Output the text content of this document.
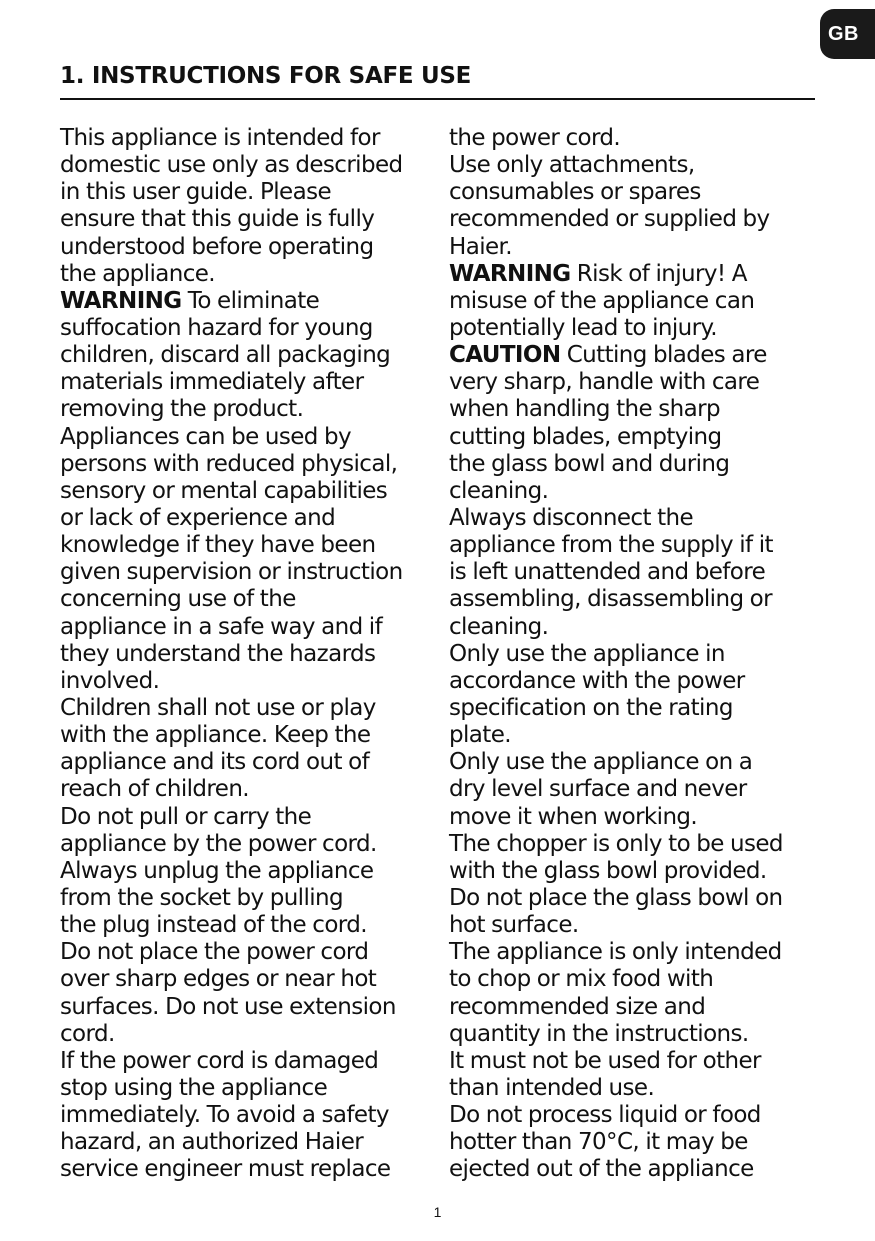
GB
1. INSTRUCTIONS FOR SAFE USE
This appliance is intended for
domestic use only as described
in this user guide. Please
ensure that this guide is fully
understood before operating
the appliance.
WARNING To eliminate
suffocation hazard for young
children, discard all packaging
materials immediately after
removing the product.
Appliances can be used by
persons with reduced physical,
sensory or mental capabilities
or lack of experience and
knowledge if they have been
given supervision or instruction
concerning use of the
appliance in a safe way and if
they understand the hazards
involved.
Children shall not use or play
with the appliance. Keep the
appliance and its cord out of
reach of children.
Do not pull or carry the
appliance by the power cord.
Always unplug the appliance
from the socket by pulling
the plug instead of the cord.
Do not place the power cord
over sharp edges or near hot
surfaces. Do not use extension
cord.
If the power cord is damaged
stop using the appliance
immediately. To avoid a safety
hazard, an authorized Haier
service engineer must replace
the power cord.
Use only attachments,
consumables or spares
recommended or supplied by
Haier.
WARNING Risk of injury! A
misuse of the appliance can
potentially lead to injury.
CAUTION Cutting blades are
very sharp, handle with care
when handling the sharp
cutting blades, emptying
the glass bowl and during
cleaning.
Always disconnect the
appliance from the supply if it
is left unattended and before
assembling, disassembling or
cleaning.
Only use the appliance in
accordance with the power
specification on the rating
plate.
Only use the appliance on a
dry level surface and never
move it when working.
The chopper is only to be used
with the glass bowl provided.
Do not place the glass bowl on
hot surface.
The appliance is only intended
to chop or mix food with
recommended size and
quantity in the instructions.
It must not be used for other
than intended use.
Do not process liquid or food
hotter than 70°C, it may be
ejected out of the appliance
1
